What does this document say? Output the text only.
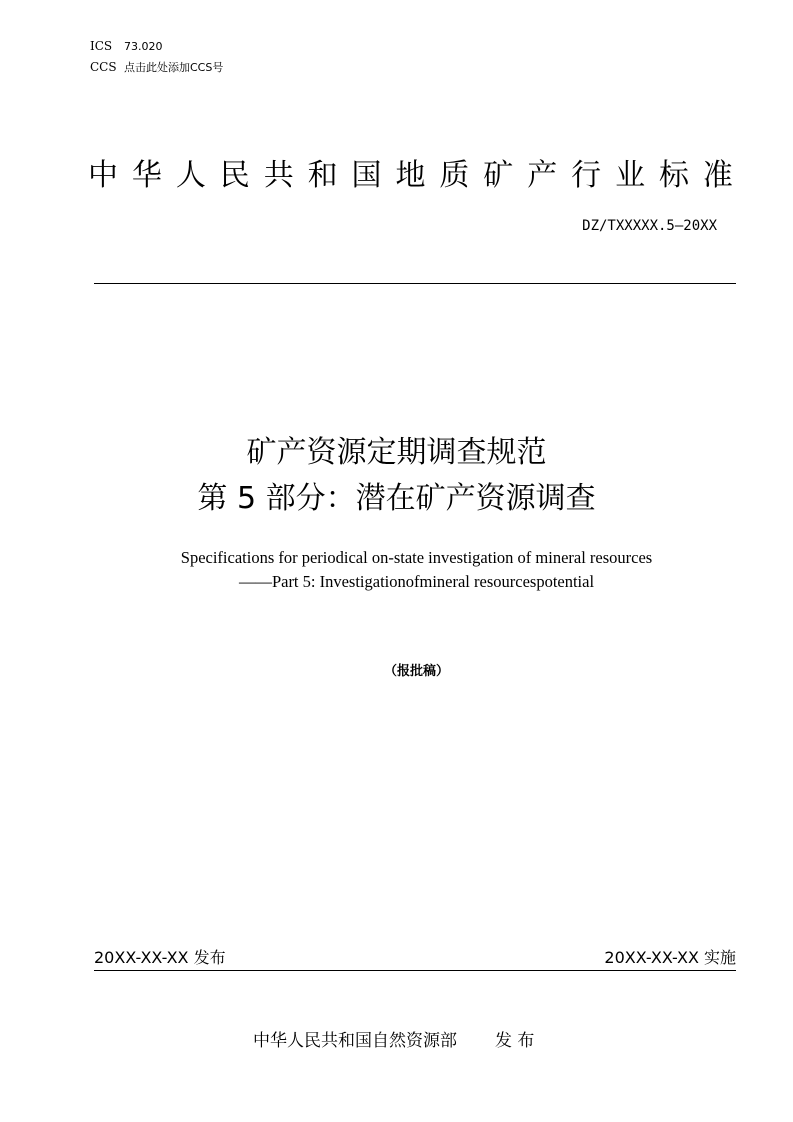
ICS 73.020
CCS 点击此处添加CCS号
中 华 人 民 共 和 国 地 质 矿 产 行 业 标 准
DZ/TXXXXX.5—20XX
矿产资源定期调查规范
第 5 部分：潜在矿产资源调查
Specifications for periodical on-state investigation of mineral resources
——Part 5: Investigationofmineral resourcespotential
（报批稿）
20XX-XX-XX 发布	20XX-XX-XX 实施
中华人民共和国自然资源部 发 布
